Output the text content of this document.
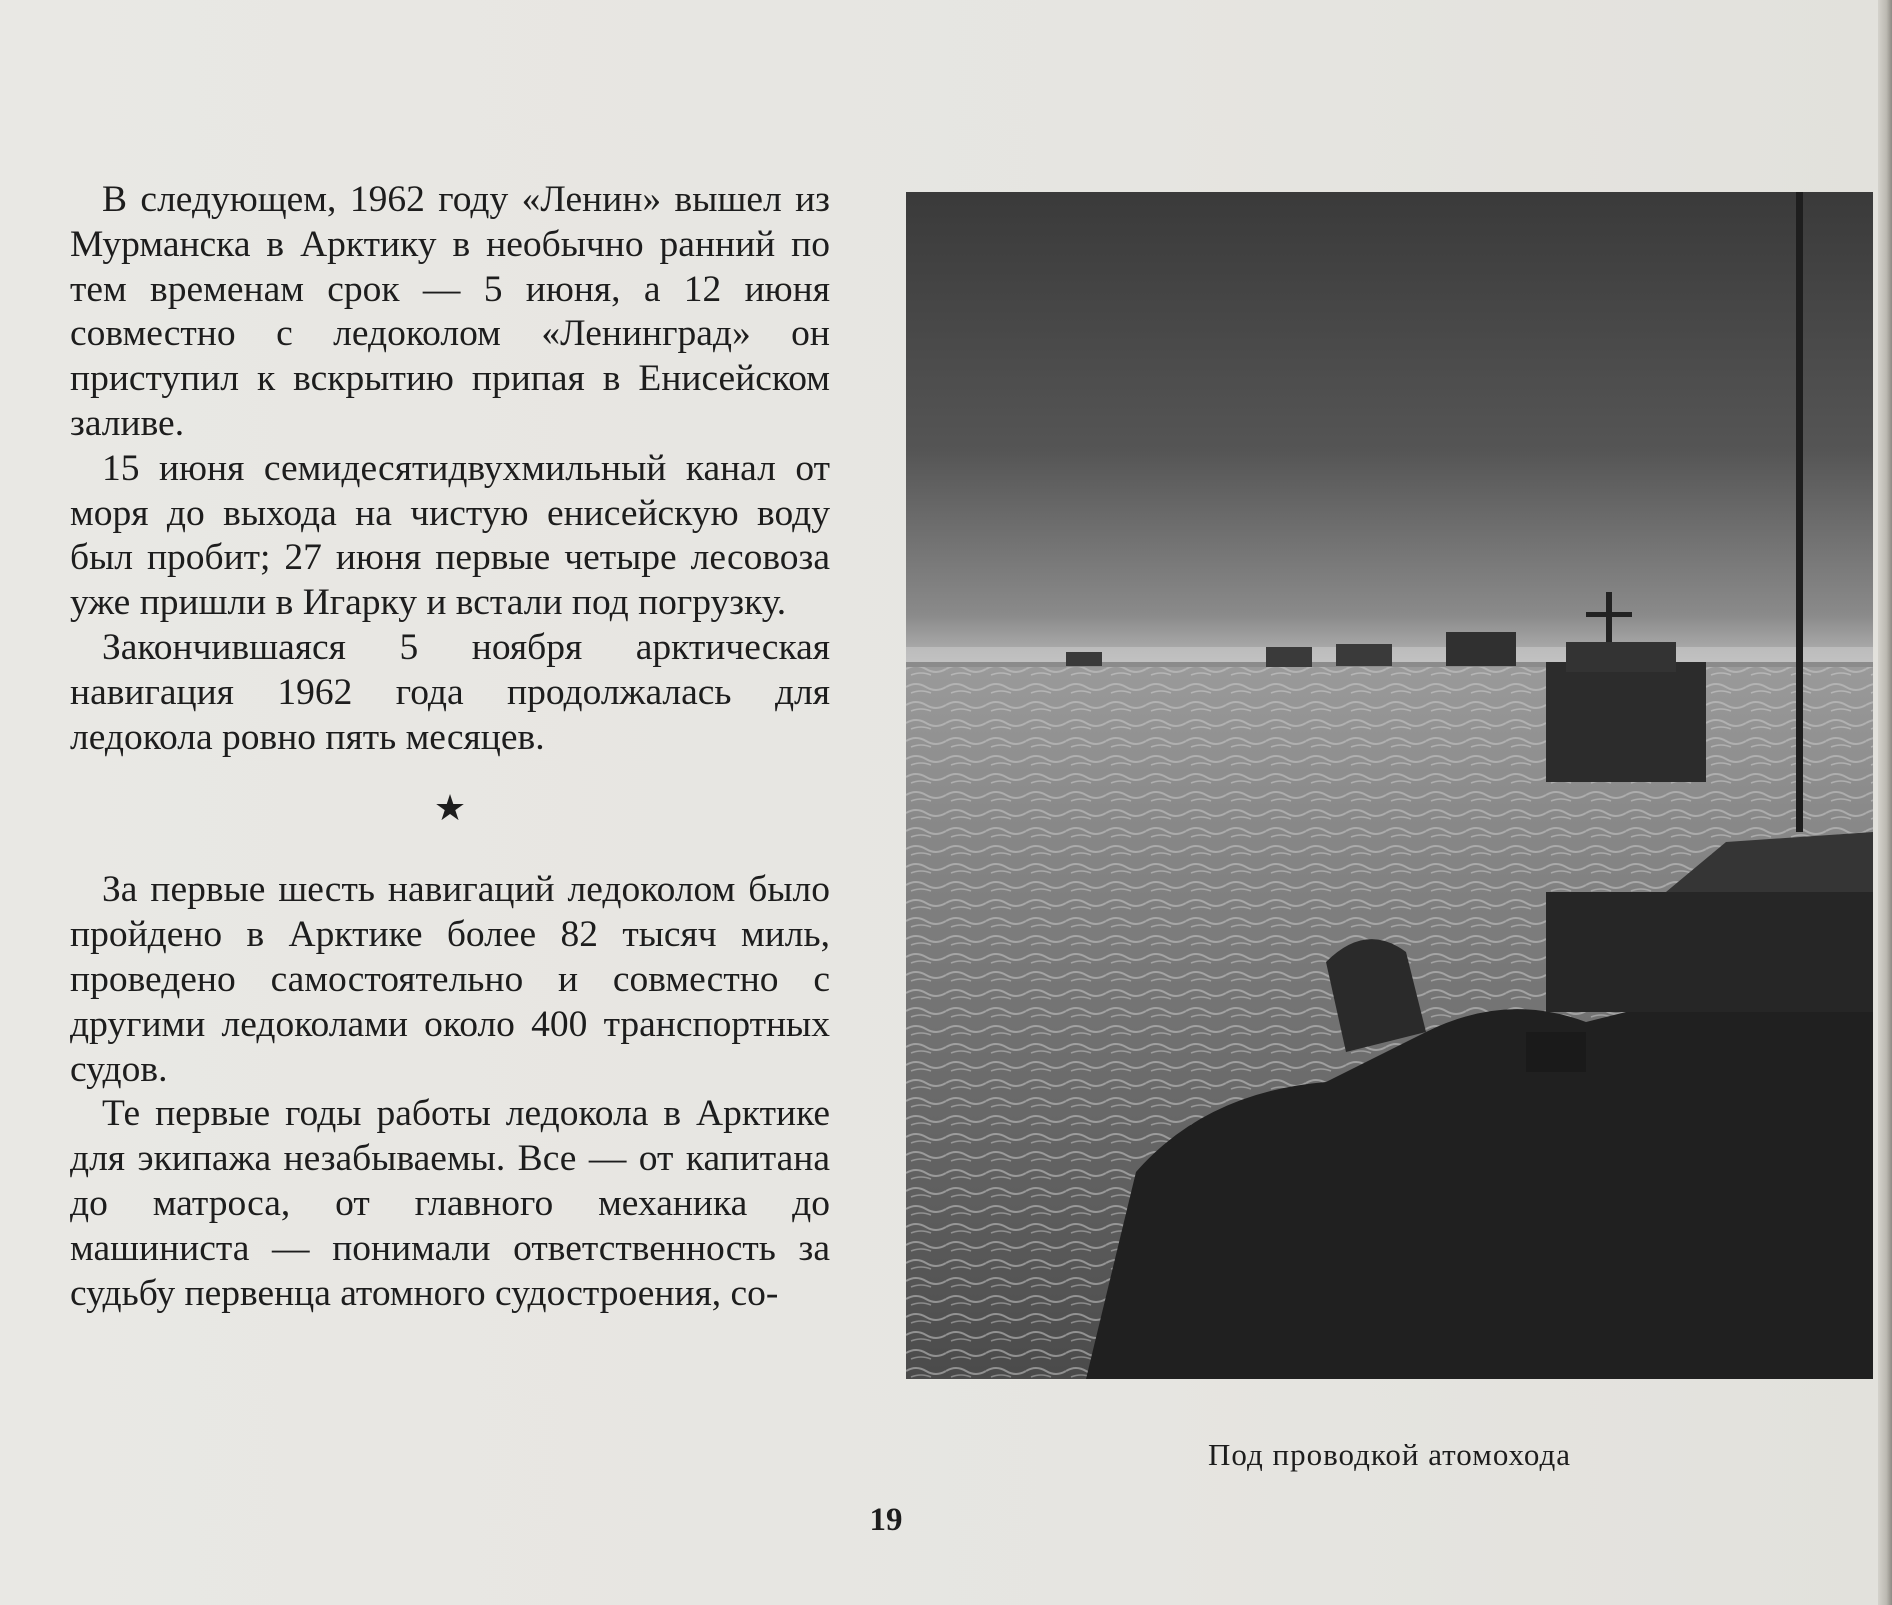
В следующем, 1962 году «Ленин» вышел из Мурманска в Арктику в необычно ранний по тем временам срок — 5 июня, а 12 июня совместно с ледоколом «Ленинград» он приступил к вскрытию припая в Енисейском заливе.

15 июня семидесятидвухмильный канал от моря до выхода на чистую енисейскую воду был пробит; 27 июня первые четыре лесовоза уже пришли в Игарку и встали под погрузку.

Закончившаяся 5 ноября арктическая навигация 1962 года продолжалась для ледокола ровно пять месяцев.

★

За первые шесть навигаций ледоколом было пройдено в Арктике более 82 тысяч миль, проведено самостоятельно и совместно с другими ледоколами около 400 транспортных судов.

Те первые годы работы ледокола в Арктике для экипажа незабываемы. Все — от капитана до матроса, от главного механика до машиниста — понимали ответственность за судьбу первенца атомного судостроения, со-

Под проводкой атомохода
19
